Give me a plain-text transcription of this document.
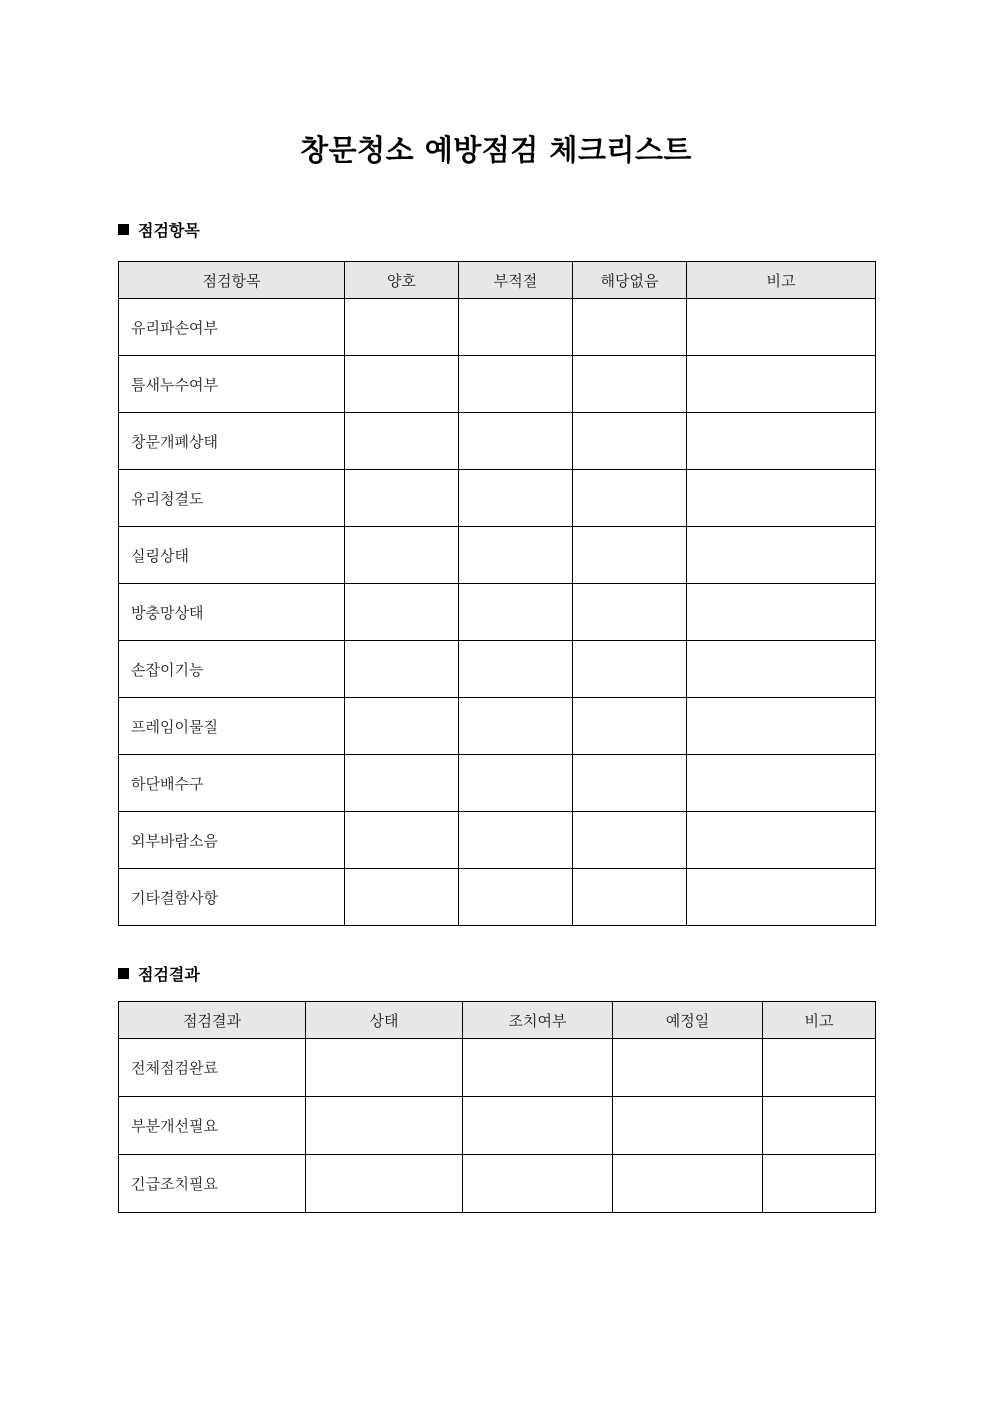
창문청소 예방점검 체크리스트
점검항목
점검항목	양호	부적절	해당없음	비고
유리파손여부				
틈새누수여부				
창문개폐상태				
유리청결도				
실링상태				
방충망상태				
손잡이기능				
프레임이물질				
하단배수구				
외부바람소음				
기타결함사항				
점검결과
점검결과	상태	조치여부	예정일	비고
전체점검완료				
부분개선필요				
긴급조치필요				
